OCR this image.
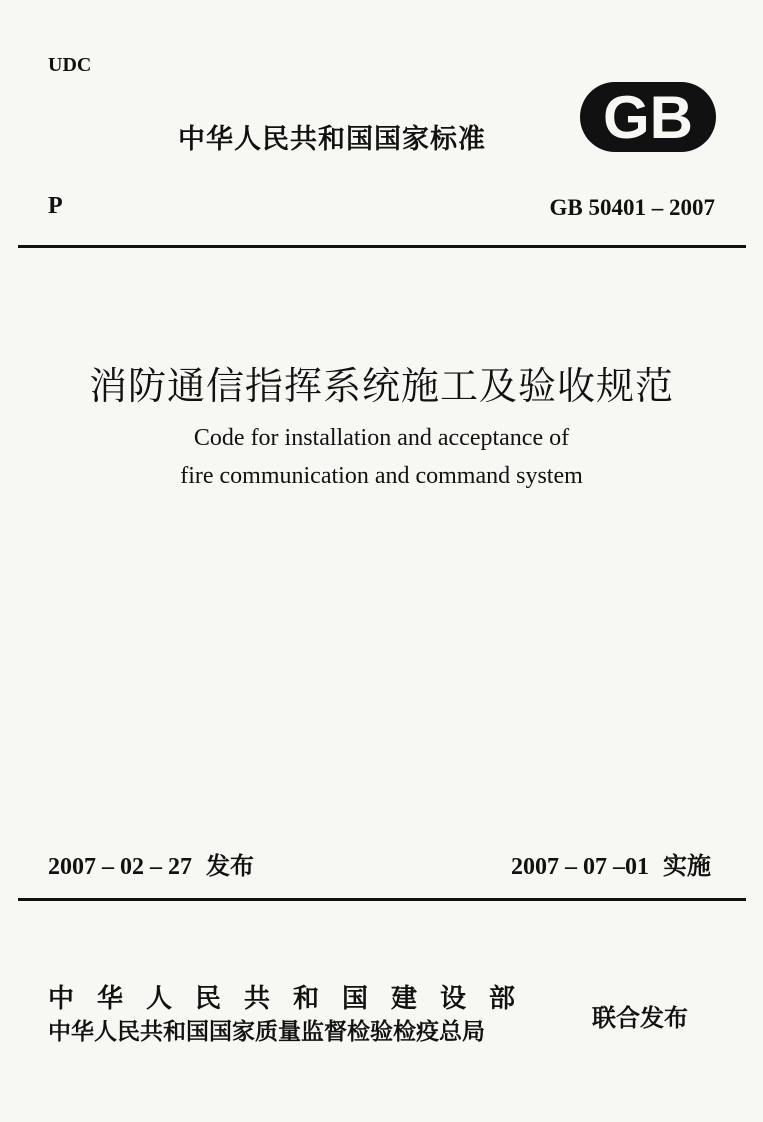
UDC
中华人民共和国国家标准 GB
P	GB 50401 – 2007
消防通信指挥系统施工及验收规范
Code for installation and acceptance of
fire communication and command system
2007 – 02 – 27 发布	2007 – 07 –01 实施
中华人民共和国建设部
中华人民共和国国家质量监督检验检疫总局	联合发布
